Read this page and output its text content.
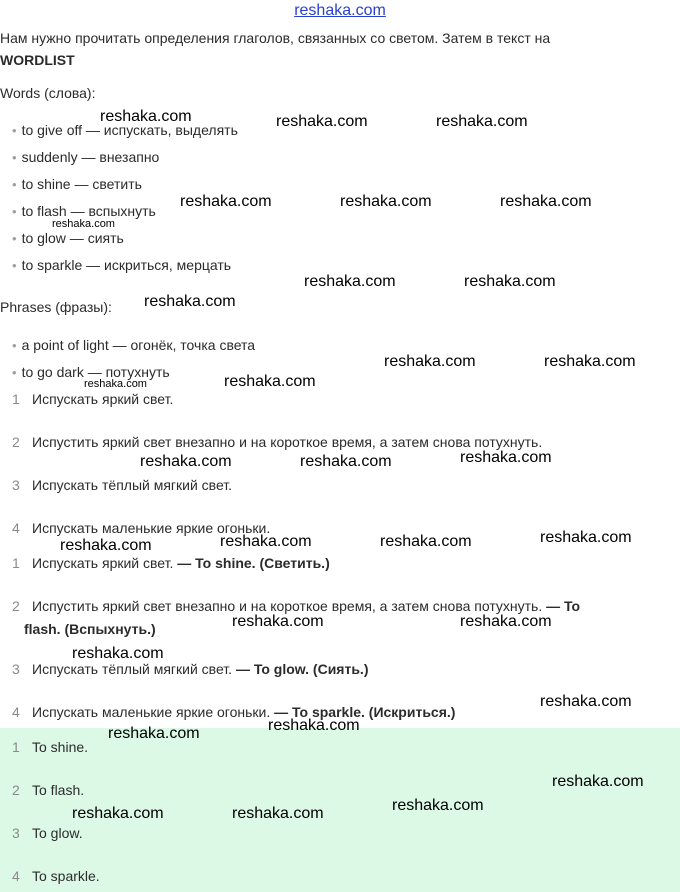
reshaka.com
Нам нужно прочитать определения глаголов, связанных со светом. Затем в текст на
WORDLIST
Words (слова):
• to give off — испускать, выделять
• suddenly — внезапно
• to shine — светить
• to flash — вспыхнуть
• to glow — сиять
• to sparkle — искриться, мерцать
Phrases (фразы):
• a point of light — огонёк, точка света
• to go dark — потухнуть
1 Испускать яркий свет.
2 Испустить яркий свет внезапно и на короткое время, а затем снова потухнуть.
3 Испускать тёплый мягкий свет.
4 Испускать маленькие яркие огоньки.
1 Испускать яркий свет. — To shine. (Светить.)
2 Испустить яркий свет внезапно и на короткое время, а затем снова потухнуть. — To
flash. (Вспыхнуть.)
3 Испускать тёплый мягкий свет. — To glow. (Сиять.)
4 Испускать маленькие яркие огоньки. — To sparkle. (Искриться.)
1 To shine.
2 To flash.
3 To glow.
4 To sparkle.
reshaka.com	reshaka.com	reshaka.com
reshaka.com	reshaka.com	reshaka.com
reshaka.com
reshaka.com	reshaka.com
reshaka.com
reshaka.com	reshaka.com
reshaka.com
reshaka.com
reshaka.com	reshaka.com	reshaka.com
reshaka.com	reshaka.com	reshaka.com
reshaka.com
reshaka.com	reshaka.com
reshaka.com
reshaka.com
reshaka.com
reshaka.com
reshaka.com
reshaka.com
reshaka.com	reshaka.com
